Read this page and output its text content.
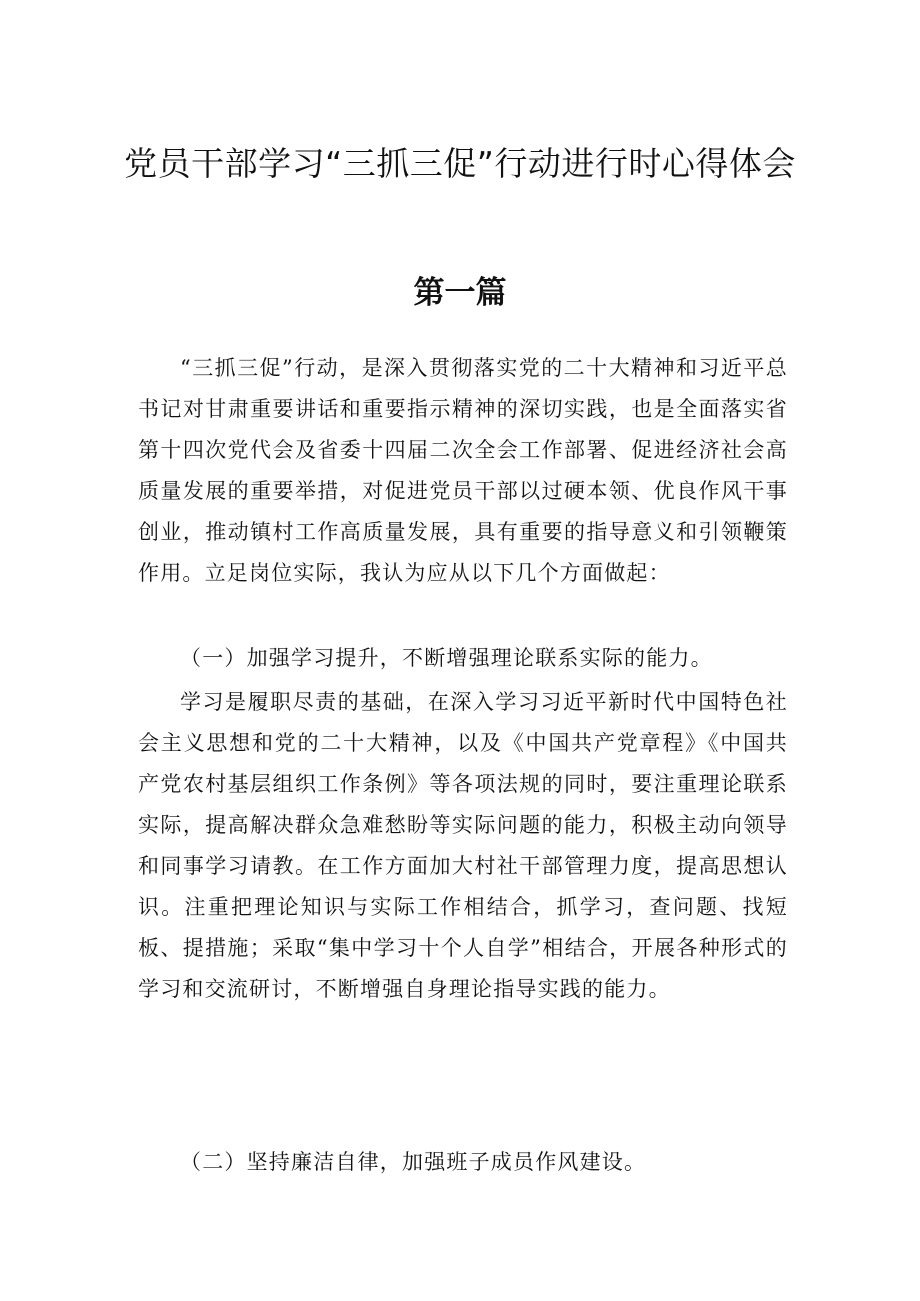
党员干部学习“三抓三促”行动进行时心得体会
第一篇

“三抓三促”行动，是深入贯彻落实党的二十大精神和习近平总书记对甘肃重要讲话和重要指示精神的深切实践，也是全面落实省第十四次党代会及省委十四届二次全会工作部署、促进经济社会高质量发展的重要举措，对促进党员干部以过硬本领、优良作风干事创业，推动镇村工作高质量发展，具有重要的指导意义和引领鞭策作用。立足岗位实际，我认为应从以下几个方面做起：

（一）加强学习提升，不断增强理论联系实际的能力。

学习是履职尽责的基础，在深入学习习近平新时代中国特色社会主义思想和党的二十大精神，以及《中国共产党章程》《中国共产党农村基层组织工作条例》等各项法规的同时，要注重理论联系实际，提高解决群众急难愁盼等实际问题的能力，积极主动向领导和同事学习请教。在工作方面加大村社干部管理力度，提高思想认识。注重把理论知识与实际工作相结合，抓学习，查问题、找短板、提措施；采取“集中学习十个人自学”相结合，开展各种形式的学习和交流研讨，不断增强自身理论指导实践的能力。

（二）坚持廉洁自律，加强班子成员作风建设。
